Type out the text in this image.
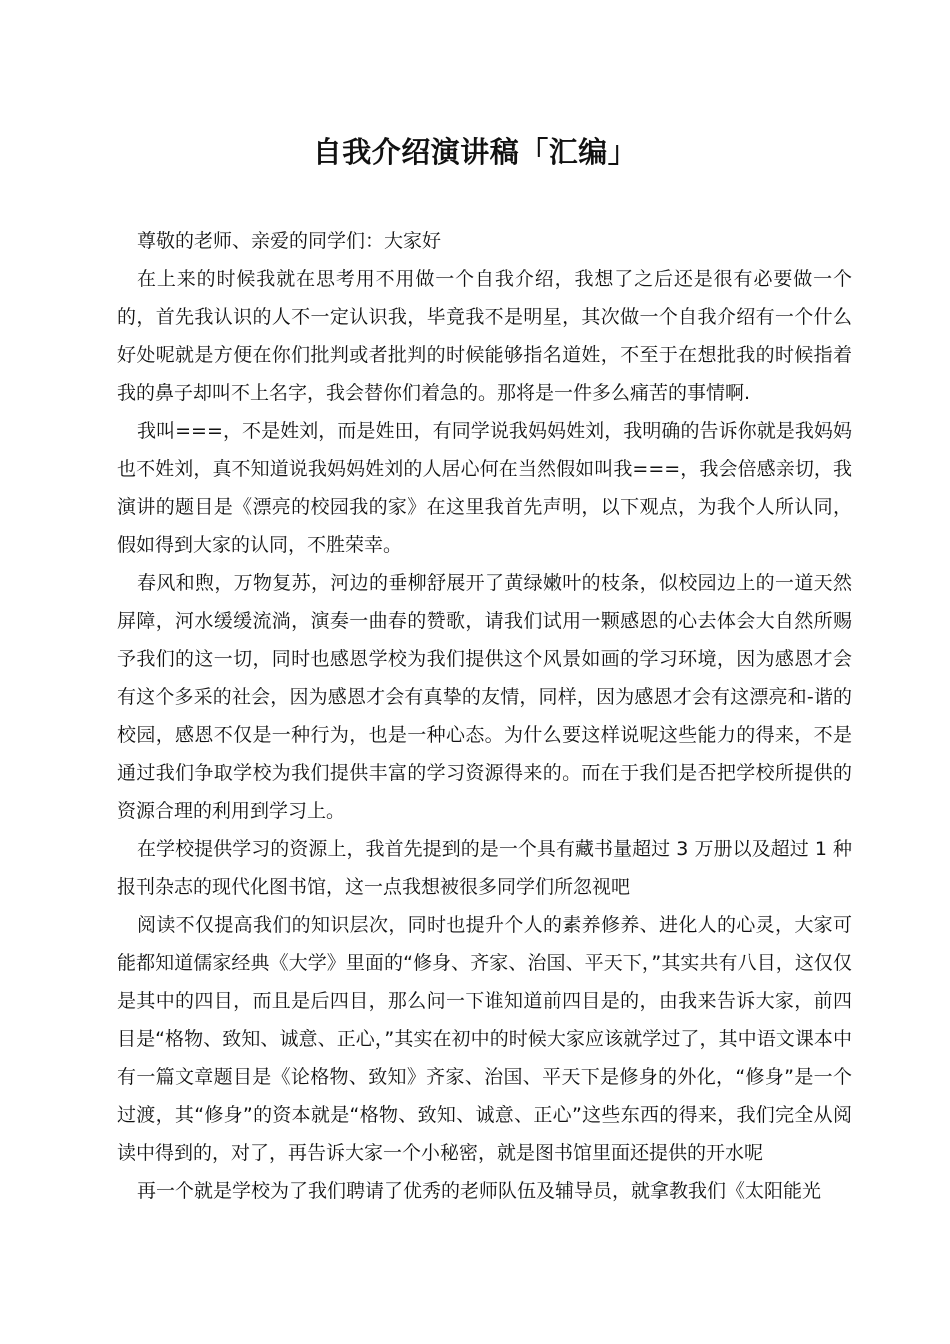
自我介绍演讲稿「汇编」

尊敬的老师、亲爱的同学们：大家好

在上来的时候我就在思考用不用做一个自我介绍，我想了之后还是很有必要做一个的，首先我认识的人不一定认识我，毕竟我不是明星，其次做一个自我介绍有一个什么好处呢就是方便在你们批判或者批判的时候能够指名道姓，不至于在想批我的时候指着我的鼻子却叫不上名字，我会替你们着急的。那将是一件多么痛苦的事情啊.

我叫===，不是姓刘，而是姓田，有同学说我妈妈姓刘，我明确的告诉你就是我妈妈也不姓刘，真不知道说我妈妈姓刘的人居心何在当然假如叫我===，我会倍感亲切，我演讲的题目是《漂亮的校园我的家》在这里我首先声明，以下观点，为我个人所认同，假如得到大家的认同，不胜荣幸。

春风和煦，万物复苏，河边的垂柳舒展开了黄绿嫩叶的枝条，似校园边上的一道天然屏障，河水缓缓流淌，演奏一曲春的赞歌，请我们试用一颗感恩的心去体会大自然所赐予我们的这一切，同时也感恩学校为我们提供这个风景如画的学习环境，因为感恩才会有这个多采的社会，因为感恩才会有真挚的友情，同样，因为感恩才会有这漂亮和-谐的校园，感恩不仅是一种行为，也是一种心态。为什么要这样说呢这些能力的得来，不是通过我们争取学校为我们提供丰富的学习资源得来的。而在于我们是否把学校所提供的资源合理的利用到学习上。

在学校提供学习的资源上，我首先提到的是一个具有藏书量超过 3 万册以及超过 1 种报刊杂志的现代化图书馆，这一点我想被很多同学们所忽视吧

阅读不仅提高我们的知识层次，同时也提升个人的素养修养、进化人的心灵，大家可能都知道儒家经典《大学》里面的“修身、齐家、治国、平天下，”其实共有八目，这仅仅是其中的四目，而且是后四目，那么问一下谁知道前四目是的，由我来告诉大家，前四目是“格物、致知、诚意、正心，”其实在初中的时候大家应该就学过了，其中语文课本中有一篇文章题目是《论格物、致知》齐家、治国、平天下是修身的外化，“修身”是一个过渡，其“修身”的资本就是“格物、致知、诚意、正心”这些东西的得来，我们完全从阅读中得到的，对了，再告诉大家一个小秘密，就是图书馆里面还提供的开水呢

再一个就是学校为了我们聘请了优秀的老师队伍及辅导员，就拿教我们《太阳能光
